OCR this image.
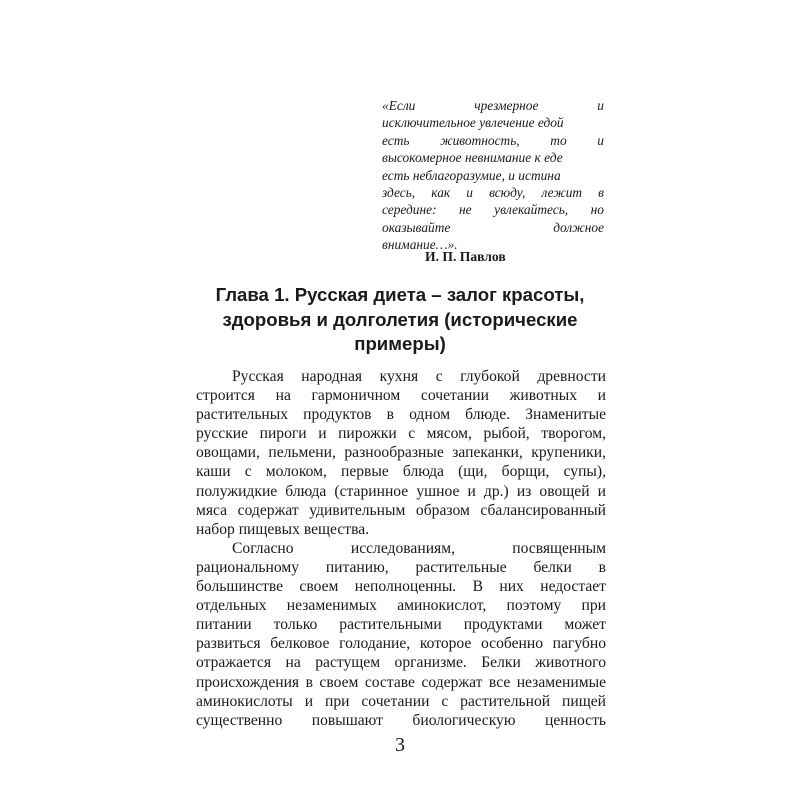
«Если чрезмерное и
исключительное увлечение едой
есть животность, то и
высокомерное невнимание к еде
есть неблагоразумие, и истина
здесь, как и всюду, лежит в
середине: не увлекайтесь, но
оказывайте должное
внимание…».
И. П. Павлов
Глава 1. Русская диета – залог красоты,
здоровья и долголетия (исторические
примеры)
Русская народная кухня с глубокой древности
строится на гармоничном сочетании животных и
растительных продуктов в одном блюде. Знаменитые
русские пироги и пирожки с мясом, рыбой, творогом,
овощами, пельмени, разнообразные запеканки, крупеники,
каши с молоком, первые блюда (щи, борщи, супы),
полужидкие блюда (старинное ушное и др.) из овощей и
мяса содержат удивительным образом сбалансированный
набор пищевых вещества.
Согласно исследованиям, посвященным
рациональному питанию, растительные белки в
большинстве своем неполноценны. В них недостает
отдельных незаменимых аминокислот, поэтому при
питании только растительными продуктами может
развиться белковое голодание, которое особенно пагубно
отражается на растущем организме. Белки животного
происхождения в своем составе содержат все незаменимые
аминокислоты и при сочетании с растительной пищей
существенно повышают биологическую ценность
3
